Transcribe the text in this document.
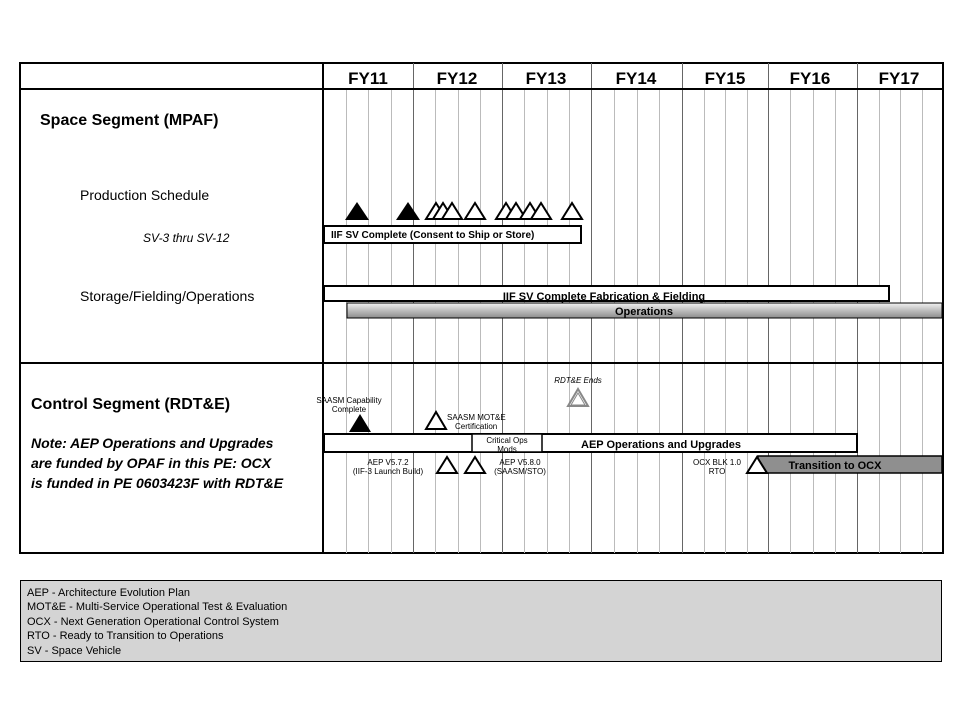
FY11	FY12	FY13	FY14	FY15	FY16	FY17
Space Segment (MPAF)
Production Schedule
SV-3 thru SV-12
Storage/Fielding/Operations
Control Segment (RDT&E)
Note: AEP Operations and Upgrades
are funded by OPAF in this PE: OCX
is funded in PE 0603423F with RDT&E
IIF SV Complete (Consent to Ship or Store)
IIF SV Complete Fabrication & Fielding
Operations
SAASM Capability
Complete
RDT&E Ends
AEP V5.7.2
(IIF-3 Launch Build)
AEP V5.8.0
(SAASM/STO)
OCX BLK 1.0
RTO
SAASM MOT&E
Certification
AEP Operations and Upgrades
Critical Ops
Mods
Transition to OCX
AEP - Architecture Evolution Plan
MOT&E - Multi-Service Operational Test & Evaluation
OCX - Next Generation Operational Control System
RTO - Ready to Transition to Operations
SV - Space Vehicle
